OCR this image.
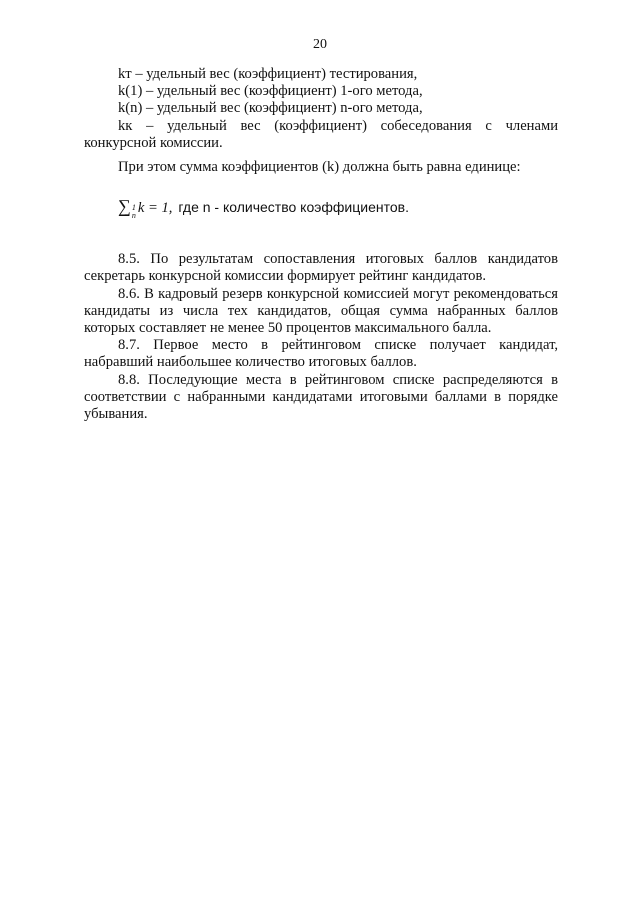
20

kт – удельный вес (коэффициент) тестирования,

k(1) – удельный вес (коэффициент) 1-ого метода,

k(n) – удельный вес (коэффициент) n-ого метода,

kк – удельный вес (коэффициент) собеседования с членами конкурсной комиссии.

При этом сумма коэффициентов (k) должна быть равна единице:

∑ 1
n k = 1, где n - количество коэффициентов.

8.5. По результатам сопоставления итоговых баллов кандидатов секретарь конкурсной комиссии формирует рейтинг кандидатов.

8.6. В кадровый резерв конкурсной комиссией могут рекомендоваться кандидаты из числа тех кандидатов, общая сумма набранных баллов которых составляет не менее 50 процентов максимального балла.

8.7. Первое место в рейтинговом списке получает кандидат, набравший наибольшее количество итоговых баллов.

8.8. Последующие места в рейтинговом списке распределяются в соответствии с набранными кандидатами итоговыми баллами в порядке убывания.
